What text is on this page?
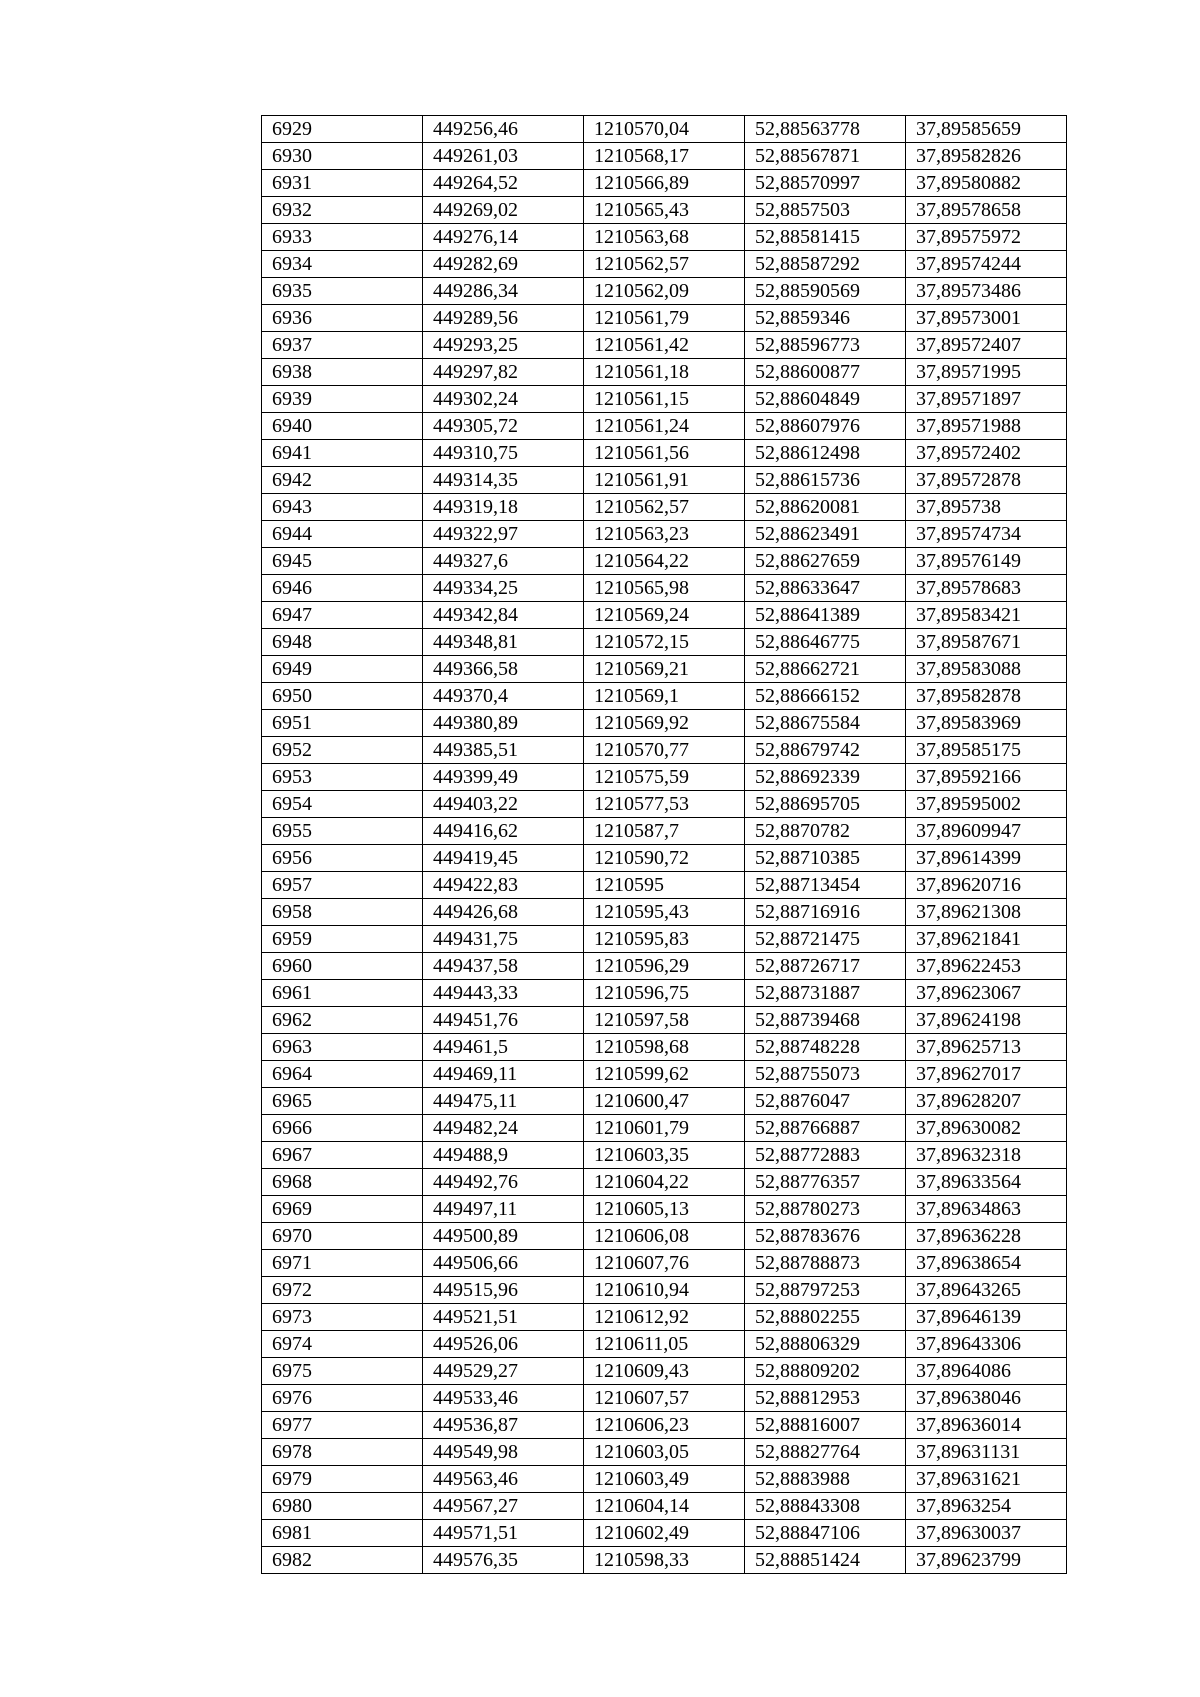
6929	449256,46	1210570,04	52,88563778	37,89585659
6930	449261,03	1210568,17	52,88567871	37,89582826
6931	449264,52	1210566,89	52,88570997	37,89580882
6932	449269,02	1210565,43	52,8857503	37,89578658
6933	449276,14	1210563,68	52,88581415	37,89575972
6934	449282,69	1210562,57	52,88587292	37,89574244
6935	449286,34	1210562,09	52,88590569	37,89573486
6936	449289,56	1210561,79	52,8859346	37,89573001
6937	449293,25	1210561,42	52,88596773	37,89572407
6938	449297,82	1210561,18	52,88600877	37,89571995
6939	449302,24	1210561,15	52,88604849	37,89571897
6940	449305,72	1210561,24	52,88607976	37,89571988
6941	449310,75	1210561,56	52,88612498	37,89572402
6942	449314,35	1210561,91	52,88615736	37,89572878
6943	449319,18	1210562,57	52,88620081	37,895738
6944	449322,97	1210563,23	52,88623491	37,89574734
6945	449327,6	1210564,22	52,88627659	37,89576149
6946	449334,25	1210565,98	52,88633647	37,89578683
6947	449342,84	1210569,24	52,88641389	37,89583421
6948	449348,81	1210572,15	52,88646775	37,89587671
6949	449366,58	1210569,21	52,88662721	37,89583088
6950	449370,4	1210569,1	52,88666152	37,89582878
6951	449380,89	1210569,92	52,88675584	37,89583969
6952	449385,51	1210570,77	52,88679742	37,89585175
6953	449399,49	1210575,59	52,88692339	37,89592166
6954	449403,22	1210577,53	52,88695705	37,89595002
6955	449416,62	1210587,7	52,8870782	37,89609947
6956	449419,45	1210590,72	52,88710385	37,89614399
6957	449422,83	1210595	52,88713454	37,89620716
6958	449426,68	1210595,43	52,88716916	37,89621308
6959	449431,75	1210595,83	52,88721475	37,89621841
6960	449437,58	1210596,29	52,88726717	37,89622453
6961	449443,33	1210596,75	52,88731887	37,89623067
6962	449451,76	1210597,58	52,88739468	37,89624198
6963	449461,5	1210598,68	52,88748228	37,89625713
6964	449469,11	1210599,62	52,88755073	37,89627017
6965	449475,11	1210600,47	52,8876047	37,89628207
6966	449482,24	1210601,79	52,88766887	37,89630082
6967	449488,9	1210603,35	52,88772883	37,89632318
6968	449492,76	1210604,22	52,88776357	37,89633564
6969	449497,11	1210605,13	52,88780273	37,89634863
6970	449500,89	1210606,08	52,88783676	37,89636228
6971	449506,66	1210607,76	52,88788873	37,89638654
6972	449515,96	1210610,94	52,88797253	37,89643265
6973	449521,51	1210612,92	52,88802255	37,89646139
6974	449526,06	1210611,05	52,88806329	37,89643306
6975	449529,27	1210609,43	52,88809202	37,8964086
6976	449533,46	1210607,57	52,88812953	37,89638046
6977	449536,87	1210606,23	52,88816007	37,89636014
6978	449549,98	1210603,05	52,88827764	37,89631131
6979	449563,46	1210603,49	52,8883988	37,89631621
6980	449567,27	1210604,14	52,88843308	37,8963254
6981	449571,51	1210602,49	52,88847106	37,89630037
6982	449576,35	1210598,33	52,88851424	37,89623799
